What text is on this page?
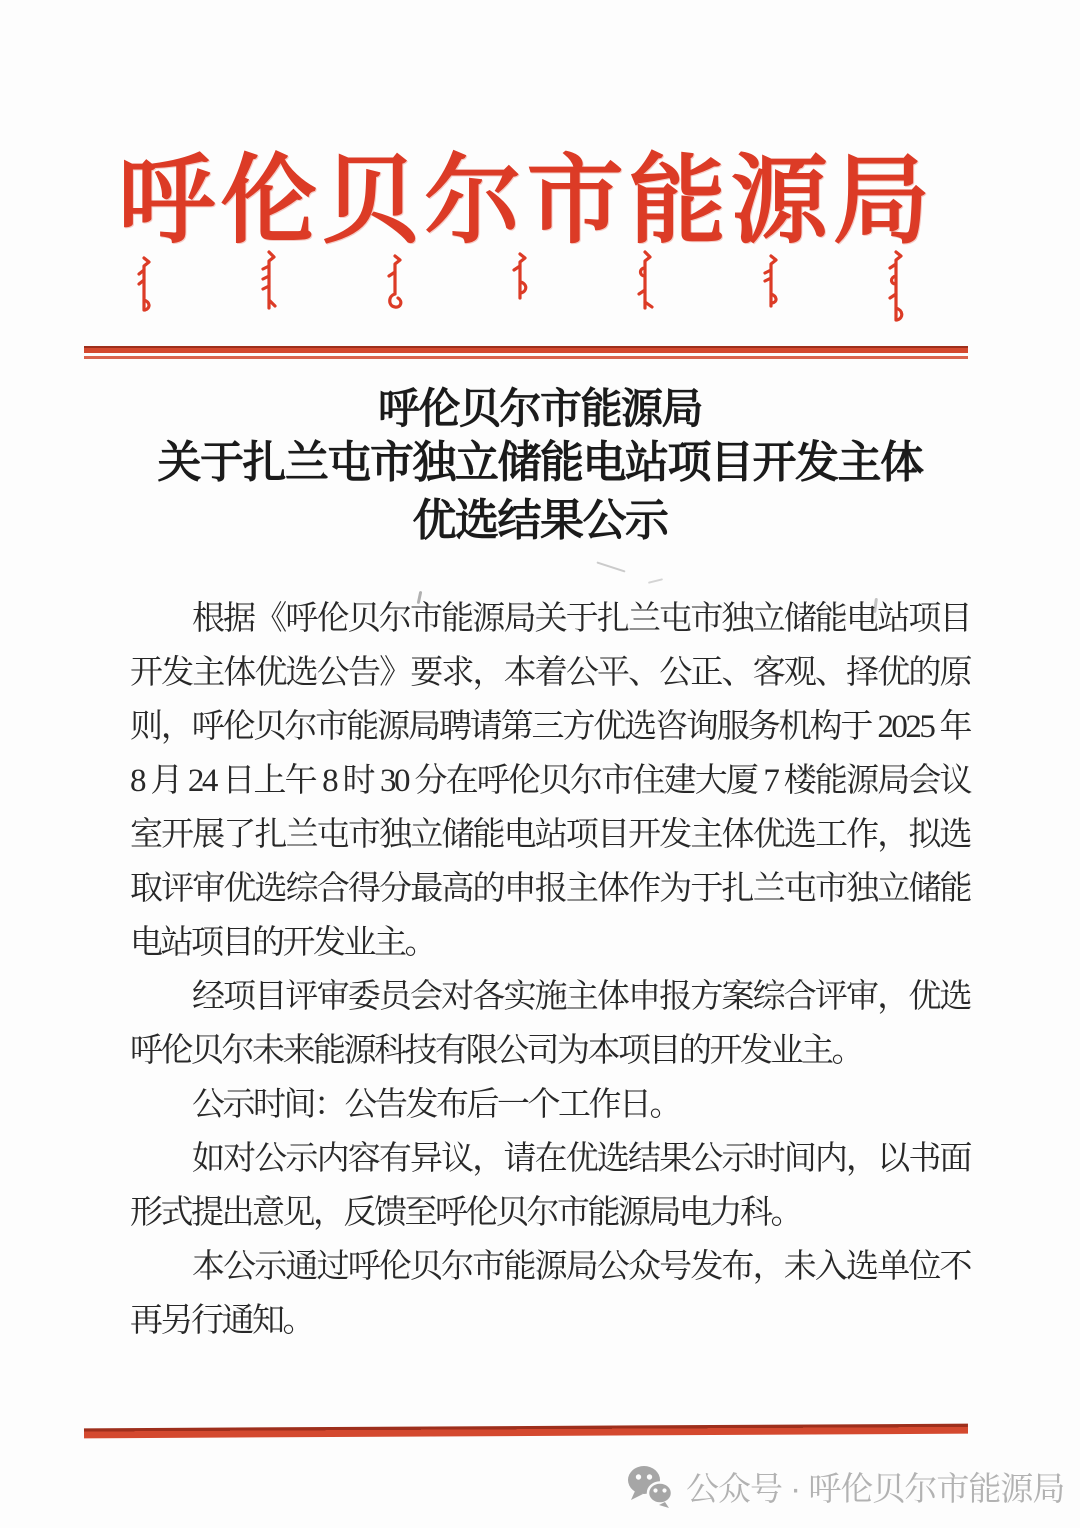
呼 伦 贝 尔 市 能 源 局
呼伦贝尔市能源局
关于扎兰屯市独立储能电站项目开发主体
优选结果公示

根据《呼伦贝尔市能源局关于扎兰屯市独立储能电站项目开发主体优选公告》要求，本着公平、公正、客观、择优的原则，呼伦贝尔市能源局聘请第三方优选咨询服务机构于 2025 年 8 月 24 日上午 8 时 30 分在呼伦贝尔市住建大厦 7 楼能源局会议室开展了扎兰屯市独立储能电站项目开发主体优选工作，拟选取评审优选综合得分最高的申报主体作为于扎兰屯市独立储能电站项目的开发业主。

经项目评审委员会对各实施主体申报方案综合评审，优选呼伦贝尔未来能源科技有限公司为本项目的开发业主。

公示时间：公告发布后一个工作日。

如对公示内容有异议，请在优选结果公示时间内，以书面形式提出意见，反馈至呼伦贝尔市能源局电力科。

本公示通过呼伦贝尔市能源局公众号发布，未入选单位不再另行通知。

公众号 · 呼伦贝尔市能源局
